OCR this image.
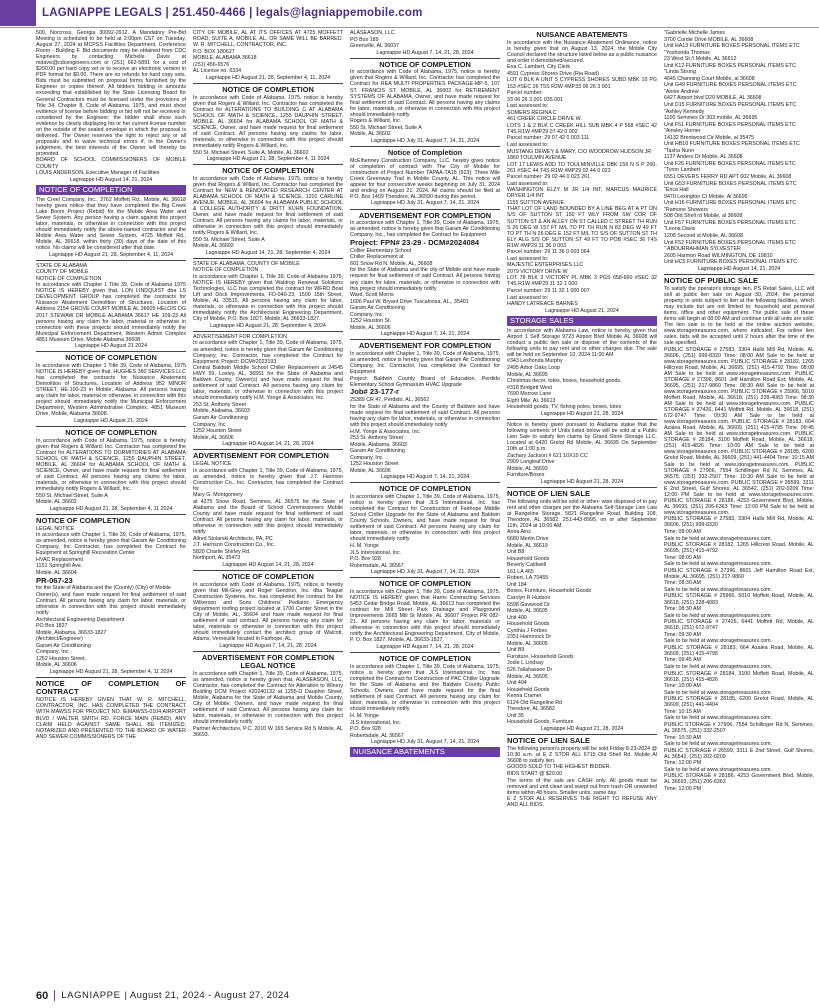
LAGNIAPPE LEGALS | 251.450-4466 | legals@lagniappemobile.com

500, Norcross, Georgia 30092-2912. A Mandatory Pre-Bid Meeting is scheduled to be held at 2:00pm CST on Tuesday, August 27, 2024 at MCPSS Facilities Department, Conference Room - Building F. Bid documents may be obtained from CDC Engineers by contacting Michelle Davis at mdavis@cdcengineers.com or (251) 662-5891 for a cost of $200.00 per hard copy set or to receive an electronic version in PDF format for $0.00. There are no refunds for hard copy sets. Bids must be submitted on proposal forms furnished by the Engineer or copies thereof. All bidders bidding in amounts exceeding that established by the State Licensing Board for General Contractors must be licensed under the provisions of Title 34, Chapter 8, Code of Alabama, 1975, and must show evidence of license before bidding or bid will not be received or considered by the Engineer; the bidder shall show such evidence by clearly displaying his or her current license number on the outside of the sealed envelope in which the proposal is delivered. The Owner reserves the right to reject any or all proposals and to waive technical errors if, in the Owner's judgement, the best interests of the Owner will thereby be promoted.

BOARD OF SCHOOL COMMISSIONERS OF MOBILE COUNTY

LOUIS ANDERSON, Executive Manager of Facilities

Lagniappe HD August 14, 21, 2024

NOTICE OF COMPLETION

The Creel Company, Inc., 3762 Moffett Rd., Mobile, AL 36618 hereby gives notice that they have completed the Big Creek Lake Boom Project (Rebid) for the Mobile Area Water and Sewer System. Any person having a claim against this project labor, materials, or otherwise in connection with this project should immediately notify the above-named contractor and the Mobile Area Water and Sewer System, 4725 Moffett Rd., Mobile, AL 36618, within thirty (30) days of the date of this notice. No claims will be considered after that date.

Lagniappe HD August 21, 28, September 4, 11, 2024

STATE OF ALABAMA

COUNTY OF MOBILE

NOTICE OF COMPLETION

In accordance with Chapter 1 Title 39, Code of Alabama 1975 NOTICE IS HEREBY given that, LON LINDQUIST dba LS DEVELOPMENT GROUP has completed the contracts for Nuisance Abatement Demolition of Structures, Location of Address 2154 GROVE COURT MOBILE AL 36605 HELOIS DG 2017 STEWAW DR MOBILE ALABAMA 36617 HE 109-23 All persons having any claim for labor, material or otherwise in connection with these projects should immediately notify the Municipal Enforcement Department, Western Admin Complex 4851 Museum Drive, Mobile Alabama 36608

Lagniappe HD August 21 2024

NOTICE OF COMPLETION

In accordance with Chapter 1 Title 39, Code of Alabama, 1975 NOTICE IS HEREBY given that, HUGHES 360 SERVICES LLC has completed the contracts for Nuisance Abatement Demolition of Structures, Location of Address 952 MINOR STREET, HE-100-23 in Mobile, Alabama. All persons having any claim for labor, material or otherwise, in connection with this project should immediately notify the Municipal Enforcement Department, Western Administrative Complex, 4851 Museum Drive, Mobile, Alabama 36608.

Lagniappe HD August 21, 2024

NOTICE OF COMPLETION

In accordance with Code of Alabama, 1975, notice is hereby given that Rogers & Willard, Inc. Contractor has completed the Contract for ALTERATIONS TO DORMITORIES AT ALABAMA SCHOOL OF MATH & SCIENCE, 1255 DAUPHIN STREET, MOBILE, AL 36604 for ALABAMA SCHOOL OF MATH & SCIENCE, Owner, and have made request for final settlement of said Contract. All persons having any claims for labor, materials, or otherwise in connection with this project should immediately notify Rogers & Willard, Inc.

550 St. Michael Street, Suite A

Mobile, AL 36602

Lagniappe HD August 21, 28, September 4, 11 2024

NOTICE OF COMPLETION

LEGAL NOTICE

In accordance with Chapter 1, Title 39, Code of Alabama, 1975, as amended, notice is hereby given that Garam Air Conditioning Company, Inc Contractor, has completed the Contract for Equipment at Springhill Recreation Center

HVAC Replacement

1151 Springhill Ave.

Mobile, AL 36604

PR-067-23

for the State of Alabama and the (County) (City) of Mobile

Owner(s), and have made request for final settlement of said Contract. All persons having any claim for labor, materials, or otherwise in connection with this project should immediately notify

Architectural Engineering Department

PO Box 1827

Mobile, Alabama, 36633-1827

(Architect/Engineer)

Garam Air Conditioning

Company, Inc.

1252 Houston Street,

Mobile, AL 36606

Lagniappe HD August 21, 28, September 4, 11 2024

NOTICE OF COMPLETION OF CONTRACT

NOTICE IS HEREBY GIVEN THAT W. R. MITCHELL, CONTRACTOR, INC. HAS COMPLETED THE CONTRACT WITH MAWSS FOR PROJECT NO. IEMAWSS-0104 AIRPORT BLVD / WALTER SMITH RD. FORCE MAIN (REBID). ANY CLAIM HELD AGAINST SAME SHALL BE ITEMIZED, NOTARIZED AND PRESENTED TO THE BOARD OF WATER AND SEWER COMMISSIONERS OF THE

CITY OF MOBILE, AL AT ITS OFFICES AT 4725 MOFFETT ROAD, SUITE A, MOBILE, AL. OR SAME WILL BE BARRED. W. R. MITCHELL, CONTRACTOR, INC.

P.O. BOX 180627

MOBILE, ALABAMA 36618

(251) 456-6576

AL License no. 6334

Lagniappe HD August 21, 28, September 4, 11, 2024

NOTICE OF COMPLETION

In accordance with Code of Alabama, 1975, notice is hereby given that Rogers & Willard, Inc. Contractor has completed the Contract for ALTERATIONS TO BUILDING C AT ALABAMA SCHOOL OF MATH & SCIENCE, 1255 DAUPHIN STREET, MOBILE, AL 36604 for ALABAMA SCHOOL OF MATH & SCIENCE, Owner, and have made request for final settlement of said Contract. All persons having any claims for labor, materials, or otherwise in connection with this project should immediately notify Rogers & Willard, Inc.

550 St. Michael Street, Suite A, Mobile, AL 36602

Lagniappe HD August 21, 28, September 4, 11 2024

NOTICE OF COMPLETION

In accordance with Code of Alabama, 1975, notice is hereby given that Rogers & Willard, Inc. Contractor has completed the Contract for NEW & RENOVATED RESEARCH CENTER AT ALABAMA SCHOOL OF MATH & SCIENCE, 1201 CARLINE AVENUE, MOBILE, AL 36604 for ALABAMA PUBLIC SCHOOL & COLLEGE AUTHORITY & DRITT KUHN FOUNDATION, Owner, and have made request for final settlement of said Contract. All persons having any claims for labor, materials, or otherwise in connection with this project should immediately notify Rogers & Willard, Inc.

550 St. Michael Street, Suite A

Mobile, AL 36602

Lagniappe HD August 14, 21, 28, September 4, 2024

STATE OF ALABAMA, COUNTY OF MOBILE

NOTICE OF COMPLETION

In accordance with Chapter 1, Title 39, Code of Alabama 1975, NOTICE IS HEREBY given that Waldrop Renewal Solutions Technologies, LLC has completed the contract for WFRD Boat Lift and Dock Improvements, FD-040-23, 1500 15th Street, Mobile, AL 33515. All persons having any claim for labor, materials, or otherwise in connection with this project should immediately notify the Architectural Engineering Department, City of Mobile, P.O. Box 1827, Mobile, AL 36633-1827.

Lagniappe HD August 21, 28, September 4, 2024

ADVERTISEMENT FOR COMPLETION

In accordance with Chapter 1, Title 39, Code of Alabama, 1975, as amended, notice is hereby given that Garam Air Conditioning Company, Inc. Contractor, has completed the Contract for Equipment; Project: DCM#2023193

Central Baldwin Middle School Chiller Replacement at 24545 HWY 59, Loxley, AL, 36551 for the State of Alabama and Baldwin County, Owner(s) and have made request for final settlement of said Contract. All persons having any claim for labor, materials, or otherwise in connection with this project should immediately notify H.M. Yonge & Associates, Inc.

253 St. Anthony Street

Mobile, Alabama, 36603

Garam Air Conditioning

Company, Inc.

1252 Houston Street

Mobile, AL 36606

Lagniappe HD August 14, 21, 28, 2024

ADVERTISEMENT FOR COMPLETION

LEGAL NOTICE

In accordance with Chapter 1, Title 39, Code of Alabama, 1975, as amended, notice is hereby given that J.T. Harrison Construction Co., Inc. Contractor, has completed the Contract for

Mary G. Montgomery

at 4275 Snow Road, Semmes, AL 36575 for the State of Alabama and the Board of School Commissioners Mobile County and have made request for final settlement of said Contract. All persons having any claim for labor, materials, or otherwise in connection with this project should immediately notify

Allred Stolarski Architects, PA, PC

J.T. Harrison Construction Co., Inc.

5820 Charlie Shirley Rd.

Northport, AL 35473

Lagniappe HD August 14, 21, 28, 2024

NOTICE OF COMPLETION

In accordance with Code of Alabama, 1975, notice is hereby given that Mil-Grey and Roger Gendron, Inc. dba Teague Construction Systems, Inc. has completed the contract for the Wilkerson and Sons Childrens' Pediatric Emergency department roofing project located at 1700 Center Street in the City of Mobile, AL, 36604 and have made request for final settlement of said contract. All persons having any claim for labor, materials or otherwise in connection with this project should immediately contact the architect group of Walcott, Adams, Verneuille located in Fairhope, AL.

Lagniappe HD August 7, 14, 21, 28, 2024

ADVERTISEMENT FOR COMPLETION

LEGAL NOTICE

In accordance with Chapter 1, Title 39, Code of Alabama, 1975, as amended, notice is hereby given that, ALASEASON, LLC, Contractor, has completed the Contract for Alteration to Winery Building DCM Project #20240132 at 1255-D Dauphin Street, Mobile, Alabama for the State of Alabama and Mobile County, City of Mobile, Owners, and have made request for final settlement of said Contract. All persons having any claim for labor, materials, or otherwise in connection with this project should immediately notify

Partner Architecture, P.C. 2010 W 165 Service Rd S Mobile, AL 36693.

ALASEASON, LLC

PO Box 189

Greenville, AL 36037

Lagniappe HD August 7, 14, 21, 28, 2024

NOTICE OF COMPLETION

In accordance with Code of Alabama, 1975, notice is hereby given that Rogers & Willard, Inc. Contractor has completed the Contract for REA MULTI PROPERTIES PACKAGE-MP-5, 107 ST. FRANCIS ST. MOBILE, AL 36602 for RETIREMENT SYSTEMS OF ALABAMA, Owner, and have made request for final settlement of said Contract. All persons having any claims for labor, materials, or otherwise in connection with this project should immediately notify

Rogers & Willard, Inc.

550 St. Michael Street, Suite A

Mobile, AL 36602

Lagniappe HD July 31, August 7, 14, 21, 2024

Notice of Completion

McElhenney Construction Company, LLC. hereby gives notice of completion of contract with The City of Mobile for construction of Project Number TAPAA-TA18 (923): Three Mile Creek Greenway Trail in Mobile County, AL. This notice will appear for four consecutive weeks beginning on July 31, 2024 and ending on August 21, 2024. All claims should be filed at P.O. Box 1409 Theodore, AL 36590 during this period.

Lagniappe HD July 31, August 7, 14, 21, 2024

ADVERTISEMENT FOR COMPLETION

In accordance with Chapter 1, Title 39, Code of Alabama, 1975, as amended, notice is hereby given that Garam Air Conditioning Company, Inc., has completed the Contract for Equipment

Project: FPN# 23-29 - DCM#2024084

Collier Elementary School

Chiller Replacement at

601 Snow Rd N, Mobile, AL, 36608

for the State of Alabama and the city of Mobile and have made request for final settlement of said Contract. All persons having any claim for labor, materials, or otherwise in connection with this project should immediately notify

Ward, Scott Morris

1606 Paul W. Bryant Drive Tuscaloosa, AL., 35401

Garam Air Conditioning

Company, Inc.

1252 Houston St.

Mobile, AL 36606

Lagniappe HD August 7, 14, 21, 2024

ADVERTISEMENT FOR COMPLETION

In accordance with Chapter 1, Title 39, Code of Alabama, 1975, as amended, notice is hereby given that Garam Air Conditioning Company, Inc. Contractor, has completed the Contract for Equipment

Project: Baldwin County Board of Education, Perdido Elementary School Gymnasium HVAC Upgrade

Job# 23-177-r

25389 CR 47, Perdido, AL, 36562

for the State of Alabama and the County of Baldwin and have made request for final settlement of said Contract. All persons having any claim for labor, materials, or otherwise in connection with this project should immediately notify

H.M. Yonge & Associates, Inc.

253 St. Anthony Street

Mobile, Alabama, 36603

Garam Air Conditioning

Company, Inc.

1252 Houston Street

Mobile, AL 36606

Lagniappe HD August 7, 14, 21, 2024

NOTICE OF COMPLETION

In accordance with Chapter 1, Title 39, Code of Alabama, 1975, notice is hereby given that JLS International, Inc. has completed the Contract for Construction of Fairhope Middle School Chiller Upgrade for the State of Alabama and Baldwin County Schools, Owners, and have made request for final settlement of said Contract. All persons having any claim for labor, materials, or otherwise in connection with this project should immediately notify

H. M. Yonge

JLS International, Inc.

P.O. Box 928

Robertsdale, AL 36567

Lagniappe HD July 31, August 7, 14, 21, 2024

NOTICE OF COMPLETION

In accordance with Chapter 1, Title 39, Code of Alabama, 1975, NOTICE IS HEREBY given that Harris Contracting Services 5453 Cedar Bridge Road, Mobile, AL 36613 has completed the contract for Mill Street Park Drainage and Playground Improvements 2665 Mill St Mobile, AL 36607 Project PR 082-21. All persons having any claim for labor, materials or otherwise in connection with this project should immediately notify the Architectural Engineering Department, City of Mobile, P. O. Box 1827, Mobile, AL 36633-1827.

Lagniappe HD August 7, 14, 21, 28, 2024

NOTICE OF COMPLETION

In accordance with Chapter 1, Title 39, Code of Alabama, 1975, notice is hereby given that JLS International, Inc. has completed the Contract for Construction of PAC Chiller Upgrade

for the State of Alabama and the Baldwin County Public Schools, Owners, and have made request for the final settlement of said Contract. All persons having any claim for labor, materials, or otherwise in connection with this project should immediately notify

H. M. Yonge

JLS International, Inc.

P.O. Box 928

Robertsdale, AL 36567

Lagniappe HD July 31, August 7, 14, 21, 2024

NUISANCE ABATEMENTS

NUISANCE ABATEMENTS

In accordance with the Nuisance Abatement Ordinance, notice is hereby given that on August 13, 2024, the Mobile City Council declared the structure listed below as a public nuisance and order it demolished/secured.

Ena C. Lambert, City Clerk

4591 Cypress Shores Drive (Ria Road)

LOT 6 BLK A UNIT 5 CYPRESS SHORES SUBD MBK 10 PG 153 #SEC 26 T5S R2W #MP33 06 26 3 001

Parcel number:

33 06 26 3 001 035.001

Last assessed to:

SOMERS REGINA C

461 CREEK CIRCLE DRIVE W.

LOTS 1 & 2 BLK C CREEK HILL SUB MBK 4 P 568 #SEC 42 T4S R1W #MP29 07 42 0 002

Parcel number: 29 07 42 0 003 111

Last assessed to:

MUSTANG DEWEY & MARY, C/O WOODROW HUDSON JR

1860 TOULMIN AVENUE

LOT 17 LEWIS ADD TO TOULMINVILLE DBK 156 N S P 260-261 #SEC 44 T4S R1W #MP29 02 44 0 023

Parcel number: 29 02 44 0 023 261

Last assessed to:

WASHINGTON ELZY M JR 1/4 INT, MARCUS MAURICE DRYER 1/4 INT

1155 SUTTON AVENUE

THAT LOT OF LAND BOUNDED BY A LINE BEG AT A PT ON S/S OF SUTTON ST 150 FT WLY FROM SW COR OF SUTTON ST & AN ALLEY ON ST CALLED C STREET TH RUN S 26 DEG W 157 FT M/L TO PT TH RUN N 83 DEG W 49 FT TO PT TH N 26 DEG E 152 FT M/L TO S/S OF SUTTON ST TH ELY ALG S/S OF SUTTON ST 49 FT TO POB #SEC 36 T4S R1W #MP29 11 36 0 003

Parcel number: 29 11 36 0 003 064

Last assessed to:

MAJESTIC ENTERPRISES LLC

2079 VICTORY DRIVE W

LOT 78 BLK 3 VICTORY PL MBK 3 PGS 658-660 #SEC 32 T4S R1W #MP29 11 32 1 000

Parcel number: 29 11 32 1 000 007

Last assessed to:

HANDY LATREACE BARNES

Lagniappe HD August 21, 2024

STORAGE SALES

In accordance with Alabama Law, notice is hereby given that Airport 1 Self Storage 9723 Airport Blvd Mobile AL 36608 will conduct a public lien sale or dispose of the contents of the following units to pay rent and or other charges due. The sale will be held on September 10, 2024 11:00 AM

#343 Leshonda Murphy

2495 Arbor Oaks Loop

Mobile, AL 36695

Christmas decor, totes, boxes, household goods.

#318 Bridgett West

7690 Morrow Lane

Eight Mile, AL 36613

Household goods, TV, fishing poles, boxes, totes

Lagniappe HD August 21, 28, 2024

Notice is hereby given pursuant to Alabama statue that the following contents of Units listed below will be sold at a Public Lien Sale to satisfy lien claims by Grand Store Storage LLC. Located at 6420 Grelot Rd Mobile, AL 36695 On September 10th at 1:00 p.m.

Zachary Jackson # 621 10X10 CC

2909 Longleaf Drive

Mobile, AL 36693

Furniture/Boxes

Lagniappe HD August 21, 28, 2024

NOTICE OF LIEN SALE

The following units will be sold or other- wise disposed of to pay rent and other charges per the Alabama Self-Storage Lien Law at Rangeline Storage, 5821 Rangeline Road, Building 108, Theodore, AL 36582, 251-443-8995, on or after September 11th, 2024 at 10:00 AM.

Anna Ainz

6680 Merlin Drive

Mobile, AL 36619

Unit B8

Household Goods

Beverly Caldwell

161 LA 465

Robert, LA 70455

Unit 184

Boxes, Furniture, Household Goods

Carolyn R Hudson

6598 Gavwood Dr

Mobile, AL 36605

Unit 400

Household Goods

Cynthia J Forbes

2351 Hammock Dr

Mobile, AL 36605

Unit B9

Furniture, Household Goods

Jodie L Lindsay

526 Tallahassee Dr

Mobile, AL 36605

Unit 404

Household Goods

Kenna Cramer

6124 Old Rangeline Rd

Theodore, AL 36582

Unit 35

Household Goods, Furniture

Lagniappe HD August 21, 28, 2024

NOTICE OF LIEN SALE

The following person's property will be sold Friday 8-23-2024 @ 10:30 a.m. at E Z STOR ALL 6715 Old Shell Rd. Mobile Al 36608 to satisfy lien.

GOODS SOLD TO THE HIGHEST BIDDER.

BIDS START @ $20.00

The terms of the sale are CASH only. All goods must be removed and unit clean and swept out from trash OR unwanted items within 48 hours. Smaller units, same day.

E Z STOR ALL RESERVES THE RIGHT TO REFUSE ANY AND ALL BIDS.

"Gabrielle Michelle James

3700 Cordie Drive MOBILE, AL 36608

Unit HA13 FURNITURE BOXES PERSONAL ITEMS ETC

"Yoshonda Thomas

23 West St // Mobile, AL 36612

Unit K12 FURNITURE BOXES PERSONAL ITEMS ETC

"Linda Strong

4645 Channing Court Mobile, al 36608

Unit G49 FURNITURE BOXES PERSONAL ITEMS ETC

"Annie Andrew

6427 Airport blvd D20 MOBILE, AL 36608

Unit D15 FURNITURE BOXES PERSONAL ITEMS ETC

"Ashley Kennedy

1100 Semmes Dr 303 mobile, AL 36695

Unit F51 FURNITURE BOXES PERSONAL ITEMS ETC

"Ainsley Horner

14132 Brentwood Cir Mobile, al 35475

Unit HB10 FURNITURE BOXES PERSONAL ITEMS ETC

"Tasha Nunn

1137 Anders Dr Mobile, AL 36608

Unit F26 FURNITURE BOXES PERSONAL ITEMS ETC

"Tyron Lambert

6551 DEVERS FERRY RD APT 602 Mobile, AL 36608

Unit G53 FURNITURE BOXES PERSONAL ITEMS ETC

"Erica Hall

9470 Lexington Ct Mobile, Al 36695

Unit H16 FURNITURE BOXES PERSONAL ITEMS ETC

"Ramone Showers

508 Old Shell rd Mobile, al 36608

Unit F57 FURNITURE BOXES PERSONAL ITEMS ETC

"Leona Davis

1208 Second st Mobile, AL 36608

Unit F52 FURNITURE BOXES PERSONAL ITEMS ETC

" ABDURRAHMAN SYLVESTER

2605 Harmon Road WILMINGTON, DE 19810

Unit HC5 FURNITURE BOXES PERSONAL ITEMS ETC

Lagniappe HD August 14, 21, 2024

NOTICE OF PUBLIC SALE

To satisfy the operator's storage lien, PS Retail Sales, LLC will sell at public lien sale on August 30, 2024, the personal property in units subject to lien at the following facilities, which may include but are not limited to: household and personal items, office and other equipment. The public sale of these items will begin at 08:00 AM and continue until all units are sold. The lien sale is to be held at the online auction website, www.storagetreasures.com, where indicated. For online lien sales, bids will be accepted until 2 hours after the time of the sale specified.

PUBLIC STORAGE # 27583, 3304 Halls Mill Rd, Mobile, AL 36606, (251) 999-8320 Time: 08:00 AM Sale to be held at www.storagetreasures.com. PUBLIC STORAGE # 28182, 1265 Hillcrest Road, Mobile, AL 36695, (251) 415-4792 Time: 08:00 AM Sale to be held at www.storagetreasures.com. PUBLIC STORAGE # 27396, 8601 Jeff Hamilton Road Ext, Mobile, AL 36695, (251) 217-9860 Time: 08:30 AM Sale to be held at www.storagetreasures.com. PUBLIC STORAGE # 25966, 5010 Moffett Road, Mobile, AL 36618, (251) 228-4083 Time: 08:30 AM Sale to be held at www.storagetreasures.com. PUBLIC STORAGE # 27426, 6441 Moffett Rd, Mobile, AL 36618, (251) 672-9747 Time: 09:30 AM Sale to be held at www.storagetreasures.com. PUBLIC STORAGE # 28183, 664 Azalea Road, Mobile, AL 36609, (251) 415-4795 Time: 09:45 AM Sale to be held at www.storagetreasures.com. PUBLIC STORAGE # 28184, 3100 Moffett Road, Mobile, AL 36618, (251) 415-4826 Time: 10:00 AM Sale to be held at www.storagetreasures.com. PUBLIC STORAGE # 28185, 6200 Grelot Road, Mobile, AL 36609, (251) 441-4404 Time: 10:15 AM Sale to be held at www.storagetreasures.com. PUBLIC STORAGE # 27906, 7554 Schillinger Rd N, Semmes, AL 36575, (251) 332-2507 Time: 10:30 AM Sale to be held at www.storagetreasures.com. PUBLIC STORAGE # 26599, 3311 E 2nd Street, Gulf Shores, AL 36542, (251) 202-0209 Time: 12:00 PM Sale to be held at www.storagetreasures.com. PUBLIC STORAGE # 28186, 4253 Government Blvd, Mobile, AL 36693, (251) 206-6363 Time: 12:00 PM Sale to be held at www.storagetreasures.com.

PUBLIC STORAGE # 27583, 3304 Halls Mill Rd, Mobile, AL 36606, (251) 999-8320

Time: 08:00 AM

Sale to be held at www.storagetreasures.com.

PUBLIC STORAGE # 28182, 1265 Hillcrest Road, Mobile, AL 36695, (251) 415-4792

Time: 08:00 AM

Sale to be held at www.storagetreasures.com.

PUBLIC STORAGE # 27396, 8601 Jeff Hamilton Road Ext, Mobile, AL 36695, (251) 217-9860

Time: 08:30 AM

Sale to be held at www.storagetreasures.com.

PUBLIC STORAGE # 25966, 5010 Moffett Road, Mobile, AL 36618, (251) 228-4083

Time: 08:30 AM

Sale to be held at www.storagetreasures.com.

PUBLIC STORAGE # 27426, 6441 Moffett Rd, Mobile, AL 36618, (251) 672-9747

Time: 09:30 AM

Sale to be held at www.storagetreasures.com.

PUBLIC STORAGE # 28183, 664 Azalea Road, Mobile, AL 36609, (251) 415-4795

Time: 09:45 AM

Sale to be held at www.storagetreasures.com.

PUBLIC STORAGE # 28184, 3100 Moffett Road, Mobile, AL 36618, (251) 415-4826

Time: 10:00 AM

Sale to be held at www.storagetreasures.com.

PUBLIC STORAGE # 28185, 6200 Grelot Road, Mobile, AL 36609, (251) 441-4404

Time: 10:15 AM

Sale to be held at www.storagetreasures.com.

PUBLIC STORAGE # 27906, 7554 Schillinger Rd N, Semmes, AL 36575, (251) 332-2507

Time: 10:30 AM

Sale to be held at www.storagetreasures.com.

PUBLIC STORAGE # 26599, 3311 E 2nd Street, Gulf Shores, AL 36542, (251) 202-0209

Time: 12:00 PM

Sale to be held at www.storagetreasures.com.

PUBLIC STORAGE # 28186, 4253 Government Blvd, Mobile, AL 36693, (251) 206-6363

Time: 12:00 PM

60 LAGNIAPPE | August 21, 2024 - August 27, 2024
